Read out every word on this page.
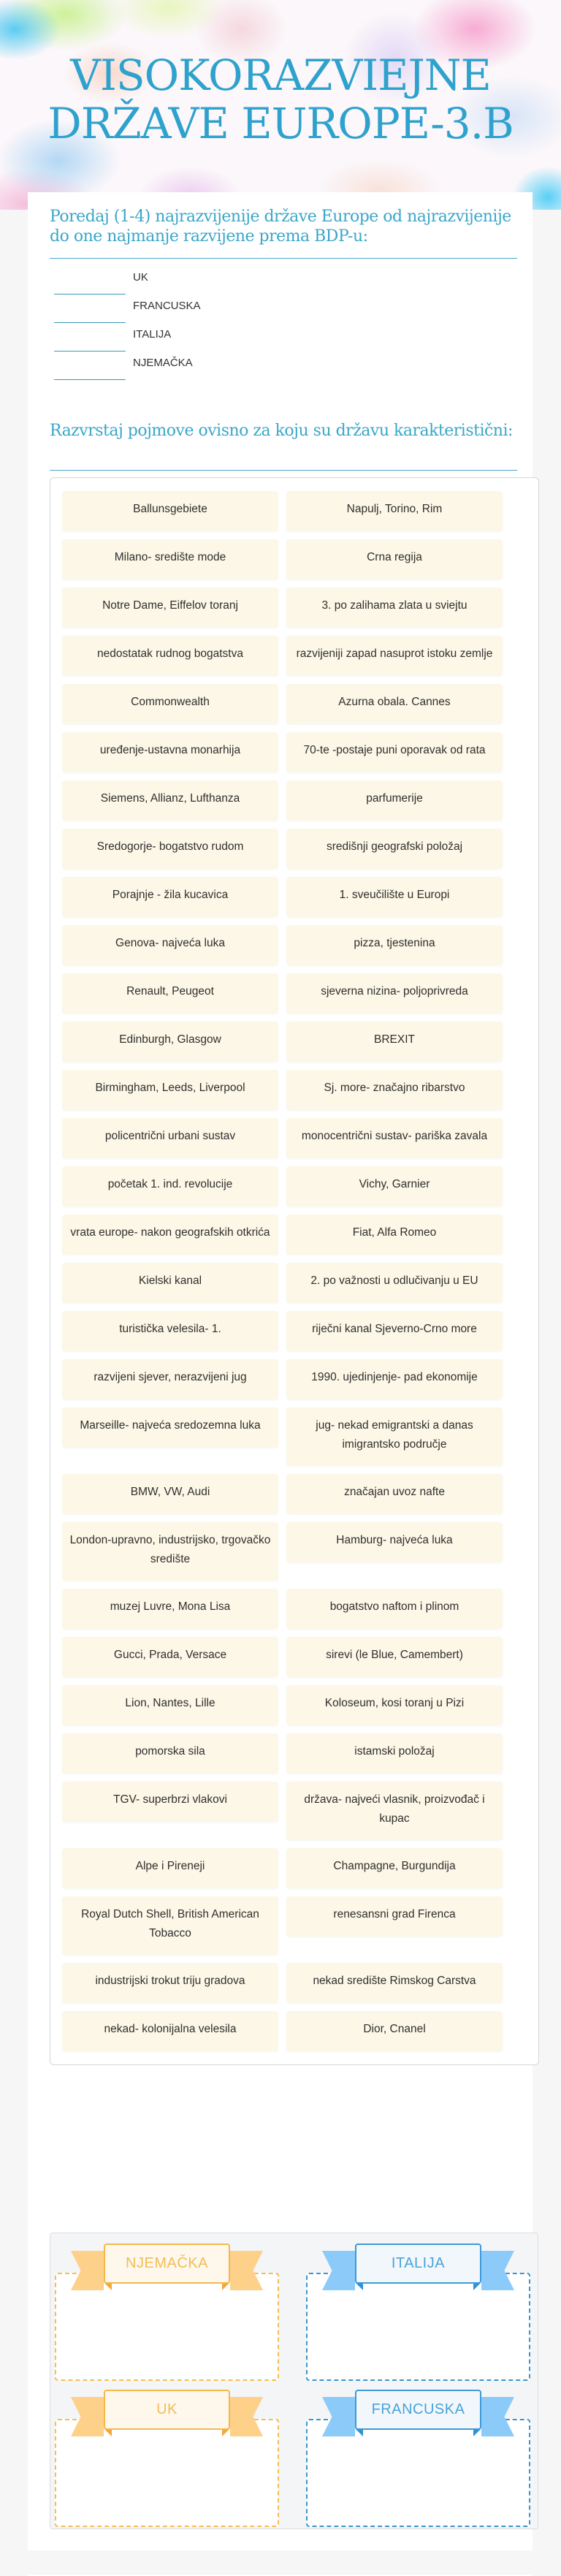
VISOKORAZVIEJNE
DRŽAVE EUROPE-3.B
Poredaj (1-4) najrazvijenije države Europe od najrazvijenije do one najmanje razvijene prema BDP-u:
UK
FRANCUSKA
ITALIJA
NJEMAČKA
Razvrstaj pojmove ovisno za koju su državu karakteristični:
Ballunsgebiete	Napulj, Torino, Rim
Milano- središte mode	Crna regija
Notre Dame, Eiffelov toranj	3. po zalihama zlata u sviejtu
nedostatak rudnog bogatstva	razvijeniji zapad nasuprot istoku zemlje
Commonwealth	Azurna obala. Cannes
uređenje-ustavna monarhija	70-te -postaje puni oporavak od rata
Siemens, Allianz, Lufthanza	parfumerije
Sredogorje- bogatstvo rudom	središnji geografski položaj
Porajnje - žila kucavica	1. sveučilište u Europi
Genova- najveća luka	pizza, tjestenina
Renault, Peugeot	sjeverna nizina- poljoprivreda
Edinburgh, Glasgow	BREXIT
Birmingham, Leeds, Liverpool	Sj. more- značajno ribarstvo
policentrični urbani sustav	monocentrični sustav- pariška zavala
početak 1. ind. revolucije	Vichy, Garnier
vrata europe- nakon geografskih otkrića	Fiat, Alfa Romeo
Kielski kanal	2. po važnosti u odlučivanju u EU
turistička velesila- 1.	riječni kanal Sjeverno-Crno more
razvijeni sjever, nerazvijeni jug	1990. ujedinjenje- pad ekonomije
Marseille- najveća sredozemna luka	jug- nekad emigrantski a danas imigrantsko područje
BMW, VW, Audi	značajan uvoz nafte
London-upravno, industrijsko, trgovačko središte
Hamburg- najveća luka
muzej Luvre, Mona Lisa	bogatstvo naftom i plinom
Gucci, Prada, Versace	sirevi (le Blue, Camembert)
Lion, Nantes, Lille	Koloseum, kosi toranj u Pizi
pomorska sila	istamski položaj
TGV- superbrzi vlakovi	država- najveći vlasnik, proizvođač i kupac
Alpe i Pireneji	Champagne, Burgundija
Royal Dutch Shell, British American Tobacco
renesansni grad Firenca
industrijski trokut triju gradova	nekad središte Rimskog Carstva
nekad- kolonijalna velesila	Dior, Cnanel
NJEMAČKA	ITALIJA
UK	FRANCUSKA
